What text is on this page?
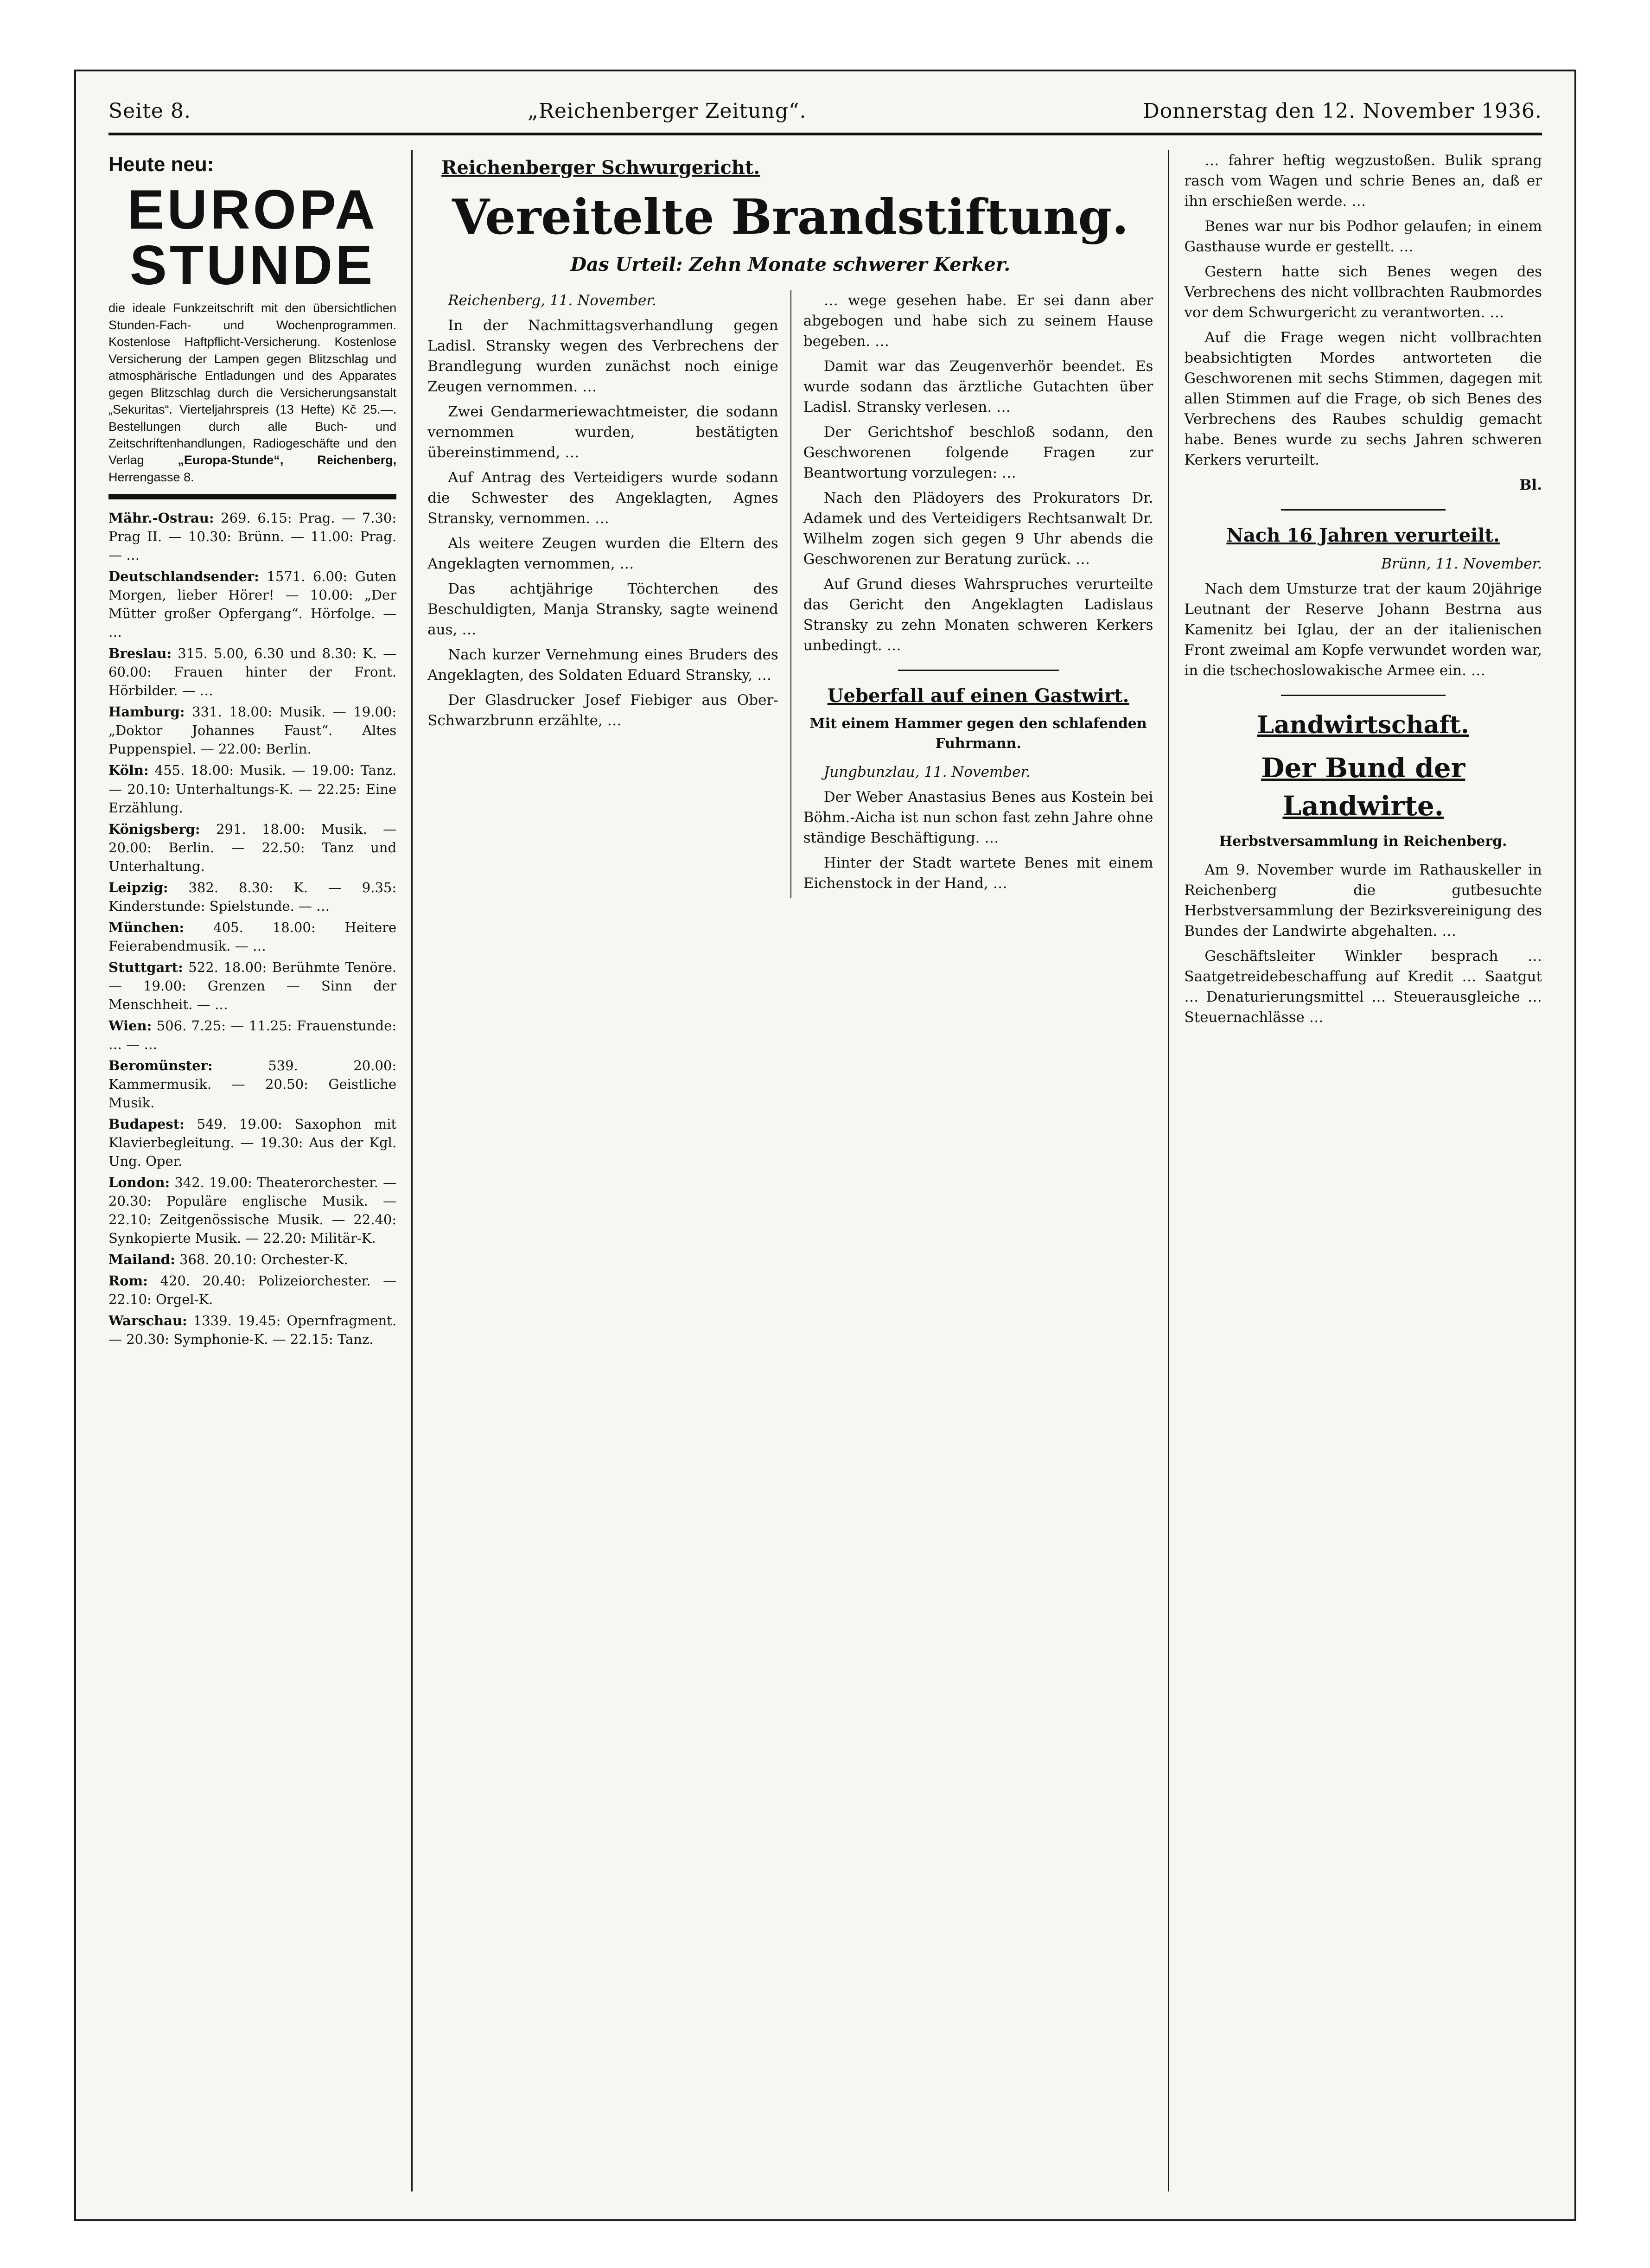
Seite 8.	„Reichenberger Zeitung“.	Donnerstag den 12. November 1936.
Heute neu:
EUROPA
STUNDE
die ideale Funkzeitschrift mit den übersichtlichen Stunden-Fach- und Wochenprogrammen. Kostenlose Haftpflicht-Versicherung. Kostenlose Versicherung der Lampen gegen Blitzschlag und atmosphärische Entladungen und des Apparates gegen Blitzschlag durch die Versicherungsanstalt „Sekuritas“. Vierteljahrspreis (13 Hefte) Kč 25.—. Bestellungen durch alle Buch- und Zeitschriftenhandlungen, Radiogeschäfte und den Verlag	„Europa-Stunde“, Reichenberg, Herrengasse 8.
Mähr.-Ostrau: 269. 6.15: Prag. — 7.30: Prag II. — 10.30: Brünn. — 11.00: Prag. — …
Deutschlandsender: 1571. 6.00: Guten Morgen, lieber Hörer! — 10.00: „Der Mütter großer Opfergang“. Hörfolge. — …
Breslau: 315. 5.00, 6.30 und 8.30: K. — 60.00: Frauen hinter der Front. Hörbilder. — …
Hamburg: 331. 18.00: Musik. — 19.00: „Doktor Johannes Faust“. Altes Puppenspiel. — 22.00: Berlin.
Köln: 455. 18.00: Musik. — 19.00: Tanz. — 20.10: Unterhaltungs-K. — 22.25: Eine Erzählung.
Königsberg: 291. 18.00: Musik. — 20.00: Berlin. — 22.50: Tanz und Unterhaltung.
Leipzig: 382. 8.30: K. — 9.35: Kinderstunde: Spielstunde. — …
München: 405. 18.00: Heitere Feierabendmusik. — …
Stuttgart: 522. 18.00: Berühmte Tenöre. — 19.00: Grenzen — Sinn der Menschheit. — …
Wien: 506. 7.25: — 11.25: Frauenstunde: … — …
Beromünster:	539. 20.00: Kammermusik. — 20.50: Geistliche Musik.
Budapest: 549. 19.00: Saxophon mit Klavierbegleitung. — 19.30: Aus der Kgl. Ung. Oper.
London: 342. 19.00: Theaterorchester. — 20.30: Populäre englische Musik. — 22.10: Zeitgenössische Musik. — 22.40: Synkopierte Musik. — 22.20: Militär-K.
Mailand: 368. 20.10: Orchester-K.
Rom: 420. 20.40: Polizeiorchester. — 22.10: Orgel-K.
Warschau: 1339. 19.45: Opernfragment. — 20.30: Symphonie-K. — 22.15: Tanz.
Reichenberger Schwurgericht.
Vereitelte Brandstiftung.
Das Urteil: Zehn Monate schwerer Kerker.
Reichenberg, 11. November.
In der Nachmittagsverhandlung gegen Ladisl. Stransky wegen des Verbrechens der Brandlegung wurden zunächst noch einige Zeugen vernommen. …
Zwei Gendarmeriewachtmeister, die sodann vernommen wurden, bestätigten übereinstimmend, …
Auf Antrag des Verteidigers wurde sodann die Schwester des Angeklagten, Agnes Stransky, vernommen. …
Als weitere Zeugen wurden die Eltern des Angeklagten vernommen, …
Das achtjährige Töchterchen des Beschuldigten, Manja Stransky, sagte weinend aus, …
Nach kurzer Vernehmung eines Bruders des Angeklagten, des Soldaten Eduard Stransky, …
Der Glasdrucker Josef Fiebiger aus Ober-Schwarzbrunn erzählte, …
… wege gesehen habe. Er sei dann aber abgebogen und habe sich zu seinem Hause begeben. …
Damit war das Zeugenverhör beendet. Es wurde sodann das ärztliche Gutachten über Ladisl. Stransky verlesen. …
Der Gerichtshof beschloß sodann, den Geschworenen folgende Fragen zur Beantwortung vorzulegen: …
Nach den Plädoyers des Prokurators Dr. Adamek und des Verteidigers Rechtsanwalt Dr. Wilhelm zogen sich gegen 9 Uhr abends die Geschworenen zur Beratung zurück. …
Auf Grund dieses Wahrspruches verurteilte das Gericht den Angeklagten Ladislaus Stransky zu zehn Monaten schweren Kerkers unbedingt. …
Ueberfall auf einen Gastwirt.
Mit einem Hammer gegen den schlafenden Fuhrmann.
Jungbunzlau, 11. November.
Der Weber Anastasius Benes aus Kostein bei Böhm.-Aicha ist nun schon fast zehn Jahre ohne ständige Beschäftigung. …
Hinter der Stadt wartete Benes mit einem Eichenstock in der Hand, …
… fahrer heftig wegzustoßen. Bulik sprang rasch vom Wagen und schrie Benes an, daß er ihn erschießen werde. …
Benes war nur bis Podhor gelaufen; in einem Gasthause wurde er gestellt. …
Gestern hatte sich Benes wegen des Verbrechens des nicht vollbrachten Raubmordes vor dem Schwurgericht zu verantworten. …
Auf die Frage wegen nicht vollbrachten beabsichtigten Mordes antworteten die Geschworenen mit sechs Stimmen, dagegen mit allen Stimmen auf die Frage, ob sich Benes des Verbrechens des Raubes schuldig gemacht habe. Benes wurde zu sechs Jahren schweren Kerkers verurteilt.
Bl.
Nach 16 Jahren verurteilt.
Brünn, 11. November.
Nach dem Umsturze trat der kaum 20jährige Leutnant der Reserve Johann Bestrna aus Kamenitz bei Iglau, der an der italienischen Front zweimal am Kopfe verwundet worden war, in die tschechoslowakische Armee ein. …
Landwirtschaft.
Der Bund der Landwirte.
Herbstversammlung in Reichenberg.
Am 9. November wurde im Rathauskeller in Reichenberg die gutbesuchte Herbstversammlung der Bezirksvereinigung des Bundes der Landwirte abgehalten. …
Geschäftsleiter Winkler besprach … Saatgetreidebeschaffung auf Kredit … Saatgut … Denaturierungsmittel … Steuerausgleiche … Steuernachlässe …
